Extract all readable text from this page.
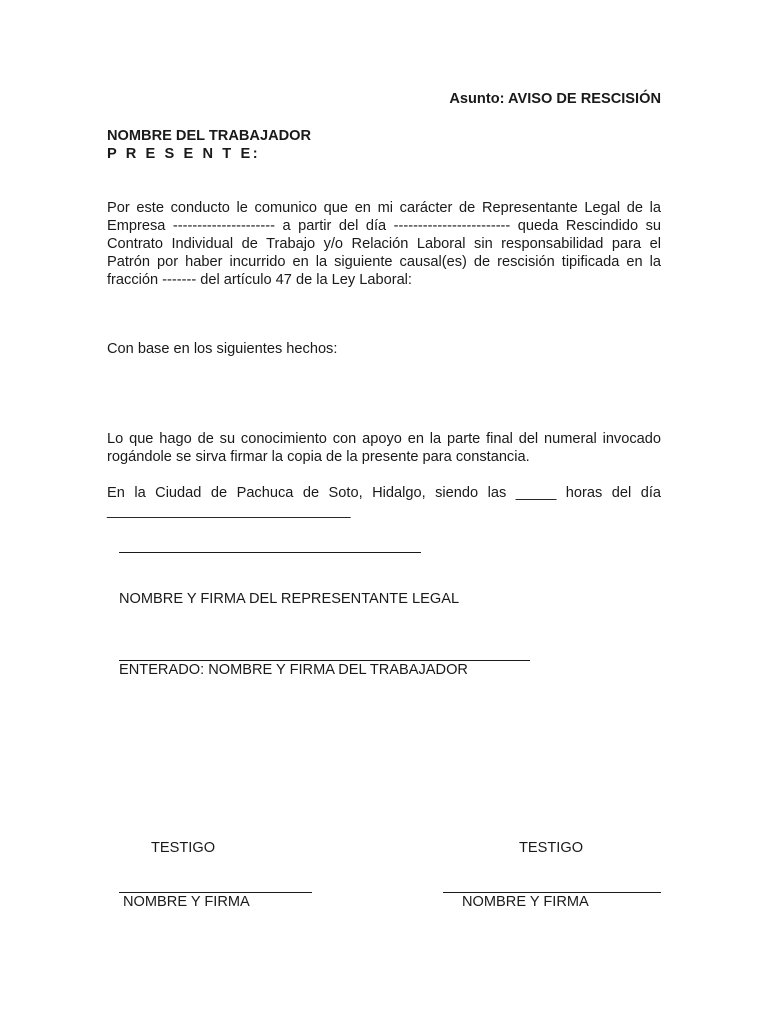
Asunto: AVISO DE RESCISIÓN
NOMBRE DEL TRABAJADOR
P R E S E N T E:
Por este conducto le comunico que en mi carácter de Representante Legal de la Empresa --------------------- a partir del día ------------------------ queda Rescindido su Contrato Individual de Trabajo y/o Relación Laboral sin responsabilidad para el Patrón por haber incurrido en la siguiente causal(es) de rescisión tipificada en la fracción ------- del artículo 47 de la Ley Laboral:
Con base en los siguientes hechos:
Lo que hago de su conocimiento con apoyo en la parte final del numeral invocado rogándole se sirva firmar la copia de la presente para constancia.
En la Ciudad de Pachuca de Soto, Hidalgo, siendo las _____ horas del día ______________________________
NOMBRE Y FIRMA DEL REPRESENTANTE LEGAL
ENTERADO: NOMBRE Y FIRMA DEL TRABAJADOR
TESTIGO	TESTIGO
NOMBRE Y FIRMA	NOMBRE Y FIRMA
